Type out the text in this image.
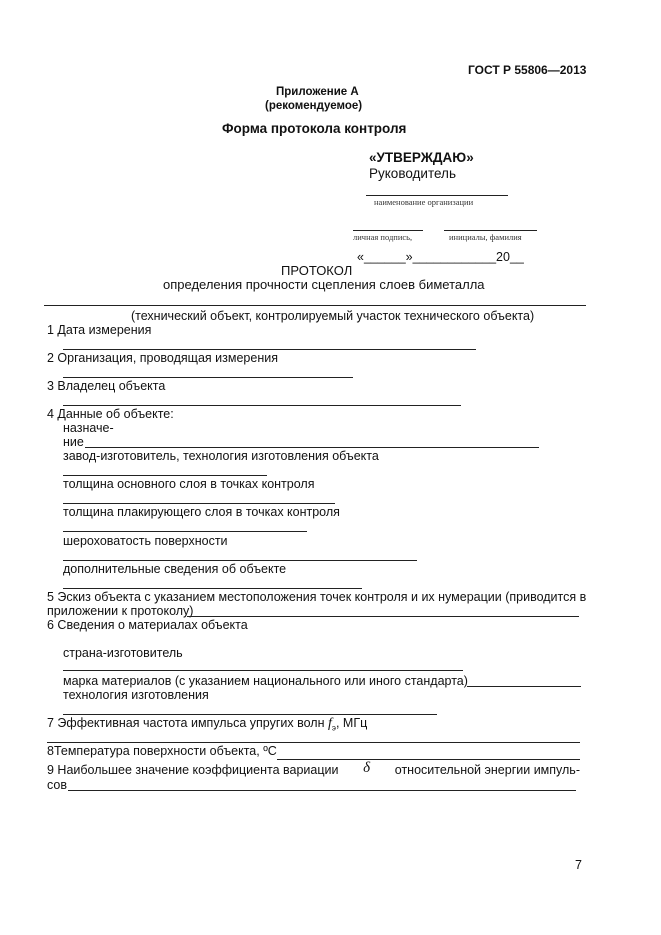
ГОСТ Р 55806—2013
Приложение А
(рекомендуемое)
Форма протокола контроля
«УТВЕРЖДАЮ»
Руководитель
наименование организации
личная подпись,	инициалы, фамилия
«______»____________20__
ПРОТОКОЛ
определения прочности сцепления слоев биметалла
(технический объект, контролируемый участок технического объекта)
1 Дата измерения
2 Организация, проводящая измерения
3 Владелец объекта
4 Данные об объекте:
назначе-
ние
завод-изготовитель, технология изготовления объекта
толщина основного слоя в точках контроля
толщина плакирующего слоя в точках контроля
шероховатость поверхности
дополнительные сведения об объекте
5 Эскиз объекта с указанием местоположения точек контроля и их нумерации (приводится в
приложении к протоколу)
6 Сведения о материалах объекта
страна-изготовитель
марка материалов (с указанием национального или иного стандарта)
технология изготовления
7 Эффективная частота импульса упругих волн $f_э$, МГц
8Температура поверхности объекта, ºС
9 Наибольшее значение коэффициента вариации δ относительной энергии импуль-
сов
7
